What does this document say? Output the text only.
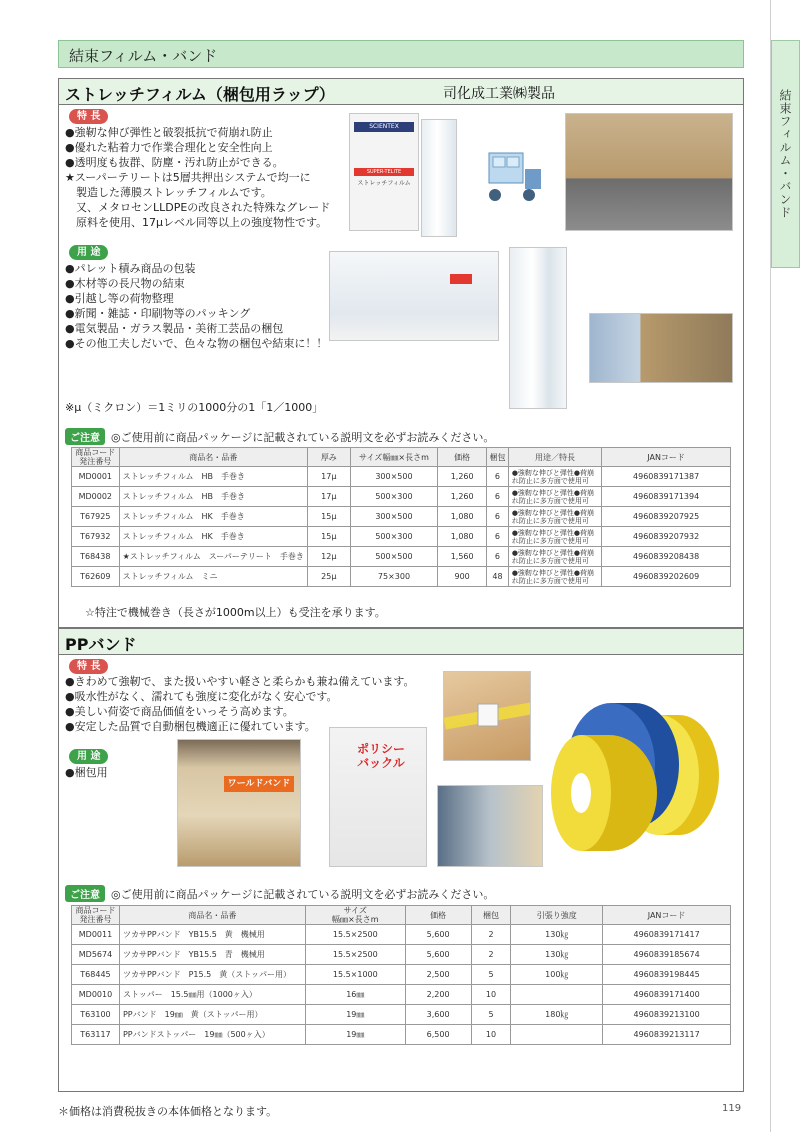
結束フィルム・バンド
結束フィルム・バンド
ストレッチフィルム（梱包用ラップ）	司化成工業㈱製品
特 長
●強靭な伸び弾性と破裂抵抗で荷崩れ防止
●優れた粘着力で作業合理化と安全性向上
●透明度も抜群、防塵・汚れ防止ができる。
★スーパーテリートは5層共押出システムで均一に
　製造した薄膜ストレッチフィルムです。
　又、メタロセンLLDPEの改良された特殊なグレード
　原料を使用、17μレベル同等以上の強度物性です。
用 途
●パレット積み商品の包装
●木材等の長尺物の結束
●引越し等の荷物整理
●新聞・雑誌・印刷物等のパッキング
●電気製品・ガラス製品・美術工芸品の梱包
●その他工夫しだいで、色々な物の梱包や結束に！！
※μ（ミクロン）＝1ミリの1000分の1「1／1000」
SCIENTEX
SUPER-TELITE
ストレッチフィルム
ご注意	◎ご使用前に商品パッケージに記載されている説明文を必ずお読みください。
商品コード
発注番号	商品名・品番	厚み	サイズ幅㎜×長さm	価格	梱包	用途／特長	JANコード
MD0001	ストレッチフィルム　HB　手巻き	17μ	300×500	1,260	6	●強靭な伸びと弾性●荷崩れ防止に多方面で使用可	4960839171387
MD0002	ストレッチフィルム　HB　手巻き	17μ	500×300	1,260	6	●強靭な伸びと弾性●荷崩れ防止に多方面で使用可	4960839171394
T67925	ストレッチフィルム　HK　手巻き	15μ	300×500	1,080	6	●強靭な伸びと弾性●荷崩れ防止に多方面で使用可	4960839207925
T67932	ストレッチフィルム　HK　手巻き	15μ	500×300	1,080	6	●強靭な伸びと弾性●荷崩れ防止に多方面で使用可	4960839207932
T68438	★ストレッチフィルム　スーパーテリート　手巻き	12μ	500×500	1,560	6	●強靭な伸びと弾性●荷崩れ防止に多方面で使用可	4960839208438
T62609	ストレッチフィルム　ミニ	25μ	75×300	900	48	●強靭な伸びと弾性●荷崩れ防止に多方面で使用可	4960839202609
☆特注で機械巻き（長さが1000m以上）も受注を承ります。
PPバンド
特 長
●きわめて強靭で、また扱いやすい軽さと柔らかも兼ね備えています。
●吸水性がなく、濡れても強度に変化がなく安心です。
●美しい荷姿で商品価値をいっそう高めます。
●安定した品質で自動梱包機適正に優れています。
用 途
●梱包用
ワールドバンド
ポリシー
バックル
ご注意	◎ご使用前に商品パッケージに記載されている説明文を必ずお読みください。
商品コード
発注番号	商品名・品番	サイズ
幅㎜×長さm	価格	梱包	引張り強度	JANコード
MD0011	ツカサPPバンド　YB15.5　黄　機械用	15.5×2500	5,600	2	130㎏	4960839171417
MD5674	ツカサPPバンド　YB15.5　青　機械用	15.5×2500	5,600	2	130㎏	4960839185674
T68445	ツカサPPバンド　P15.5　黄（ストッパー用）	15.5×1000	2,500	5	100㎏	4960839198445
MD0010	ストッパー　15.5㎜用（1000ヶ入）	16㎜	2,200	10		4960839171400
T63100	PPバンド　19㎜　黄（ストッパー用）	19㎜	3,600	5	180㎏	4960839213100
T63117	PPバンドストッパー　19㎜（500ヶ入）	19㎜	6,500	10		4960839213117
＊価格は消費税抜きの本体価格となります。	119
